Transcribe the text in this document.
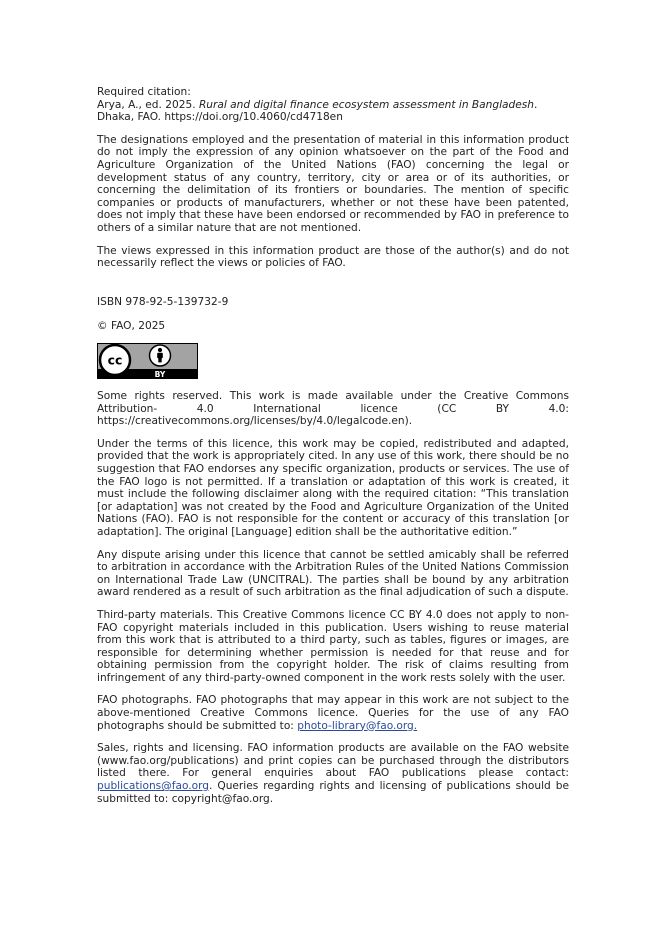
Required citation:

Arya, A., ed. 2025. Rural and digital finance ecosystem assessment in Bangladesh. Dhaka, FAO. https://doi.org/10.4060/cd4718en

The designations employed and the presentation of material in this information product do not imply the expression of any opinion whatsoever on the part of the Food and Agriculture Organization of the United Nations (FAO) concerning the legal or development status of any country, territory, city or area or of its authorities, or concerning the delimitation of its frontiers or boundaries. The mention of specific companies or products of manufacturers, whether or not these have been patented, does not imply that these have been endorsed or recommended by FAO in preference to others of a similar nature that are not mentioned.

The views expressed in this information product are those of the author(s) and do not necessarily reflect the views or policies of FAO.

ISBN 978-92-5-139732-9
© FAO, 2025
cc
BY

Some rights reserved. This work is made available under the Creative Commons Attribution- 4.0 International licence (CC BY 4.0: https://creativecommons.org/licenses/by/4.0/legalcode.en).

Under the terms of this licence, this work may be copied, redistributed and adapted, provided that the work is appropriately cited. In any use of this work, there should be no suggestion that FAO endorses any specific organization, products or services. The use of the FAO logo is not permitted. If a translation or adaptation of this work is created, it must include the following disclaimer along with the required citation: “This translation [or adaptation] was not created by the Food and Agriculture Organization of the United Nations (FAO). FAO is not responsible for the content or accuracy of this translation [or adaptation]. The original [Language] edition shall be the authoritative edition.”

Any dispute arising under this licence that cannot be settled amicably shall be referred to arbitration in accordance with the Arbitration Rules of the United Nations Commission on International Trade Law (UNCITRAL). The parties shall be bound by any arbitration award rendered as a result of such arbitration as the final adjudication of such a dispute.

Third-party materials. This Creative Commons licence CC BY 4.0 does not apply to non-FAO copyright materials included in this publication. Users wishing to reuse material from this work that is attributed to a third party, such as tables, figures or images, are responsible for determining whether permission is needed for that reuse and for obtaining permission from the copyright holder. The risk of claims resulting from infringement of any third-party-owned component in the work rests solely with the user.

FAO photographs. FAO photographs that may appear in this work are not subject to the above-mentioned Creative Commons licence. Queries for the use of any FAO photographs should be submitted to: photo-library@fao.org.

Sales, rights and licensing. FAO information products are available on the FAO website (www.fao.org/publications) and print copies can be purchased through the distributors listed there. For general enquiries about FAO publications please contact: publications@fao.org. Queries regarding rights and licensing of publications should be submitted to: copyright@fao.org.
